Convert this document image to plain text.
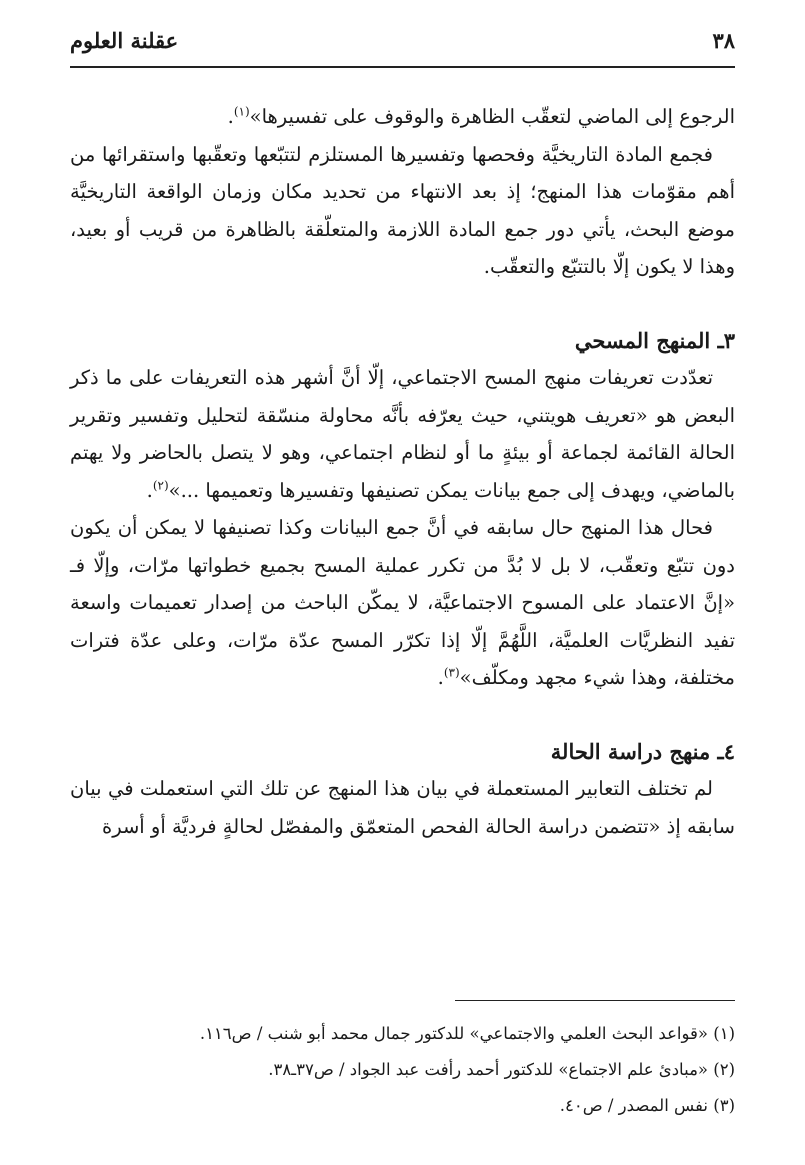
٣٨
عقلنة العلوم

الرجوع إلى الماضي لتعقّب الظاهرة والوقوف على تفسيرها»$^{(١)}$.

فجمع المادة التاريخيَّة وفحصها وتفسيرها المستلزم لتتبّعها وتعقّبها واستقرائها من أهم مقوّمات هذا المنهج؛ إذ بعد الانتهاء من تحديد مكان وزمان الواقعة التاريخيَّة موضع البحث، يأتي دور جمع المادة اللازمة والمتعلّقة بالظاهرة من قريب أو بعيد، وهذا لا يكون إلّا بالتتبّع والتعقّب.

٣ـ المنهج المسحي

تعدّدت تعريفات منهج المسح الاجتماعي، إلّا أنَّ أشهر هذه التعريفات على ما ذكر البعض هو «تعريف هويتني، حيث يعرّفه بأنَّه محاولة منسّقة لتحليل وتفسير وتقرير الحالة القائمة لجماعة أو بيئةٍ ما أو لنظام اجتماعي، وهو لا يتصل بالحاضر ولا يهتم بالماضي، ويهدف إلى جمع بيانات يمكن تصنيفها وتفسيرها وتعميمها ...»$^{(٢)}$.

فحال هذا المنهج حال سابقه في أنَّ جمع البيانات وكذا تصنيفها لا يمكن أن يكون دون تتبّع وتعقّب، لا بل لا بُدَّ من تكرر عملية المسح بجميع خطواتها مرّات، وإلّا فـ «إنَّ الاعتماد على المسوح الاجتماعيَّة، لا يمكّن الباحث من إصدار تعميمات واسعة تفيد النظريَّات العلميَّة، اللَّهُمَّ إلّا إذا تكرّر المسح عدّة مرّات، وعلى عدّة فترات مختلفة، وهذا شيء مجهد ومكلّف»$^{(٣)}$.

٤ـ منهج دراسة الحالة

لم تختلف التعابير المستعملة في بيان هذا المنهج عن تلك التي استعملت في بيان سابقه إذ «تتضمن دراسة الحالة الفحص المتعمّق والمفصّل لحالةٍ فرديَّة أو أسرة

(١) «قواعد البحث العلمي والاجتماعي» للدكتور جمال محمد أبو شنب / ص١١٦.
(٢) «مبادئ علم الاجتماع» للدكتور أحمد رأفت عبد الجواد / ص٣٧ـ٣٨.
(٣) نفس المصدر / ص٤٠.
